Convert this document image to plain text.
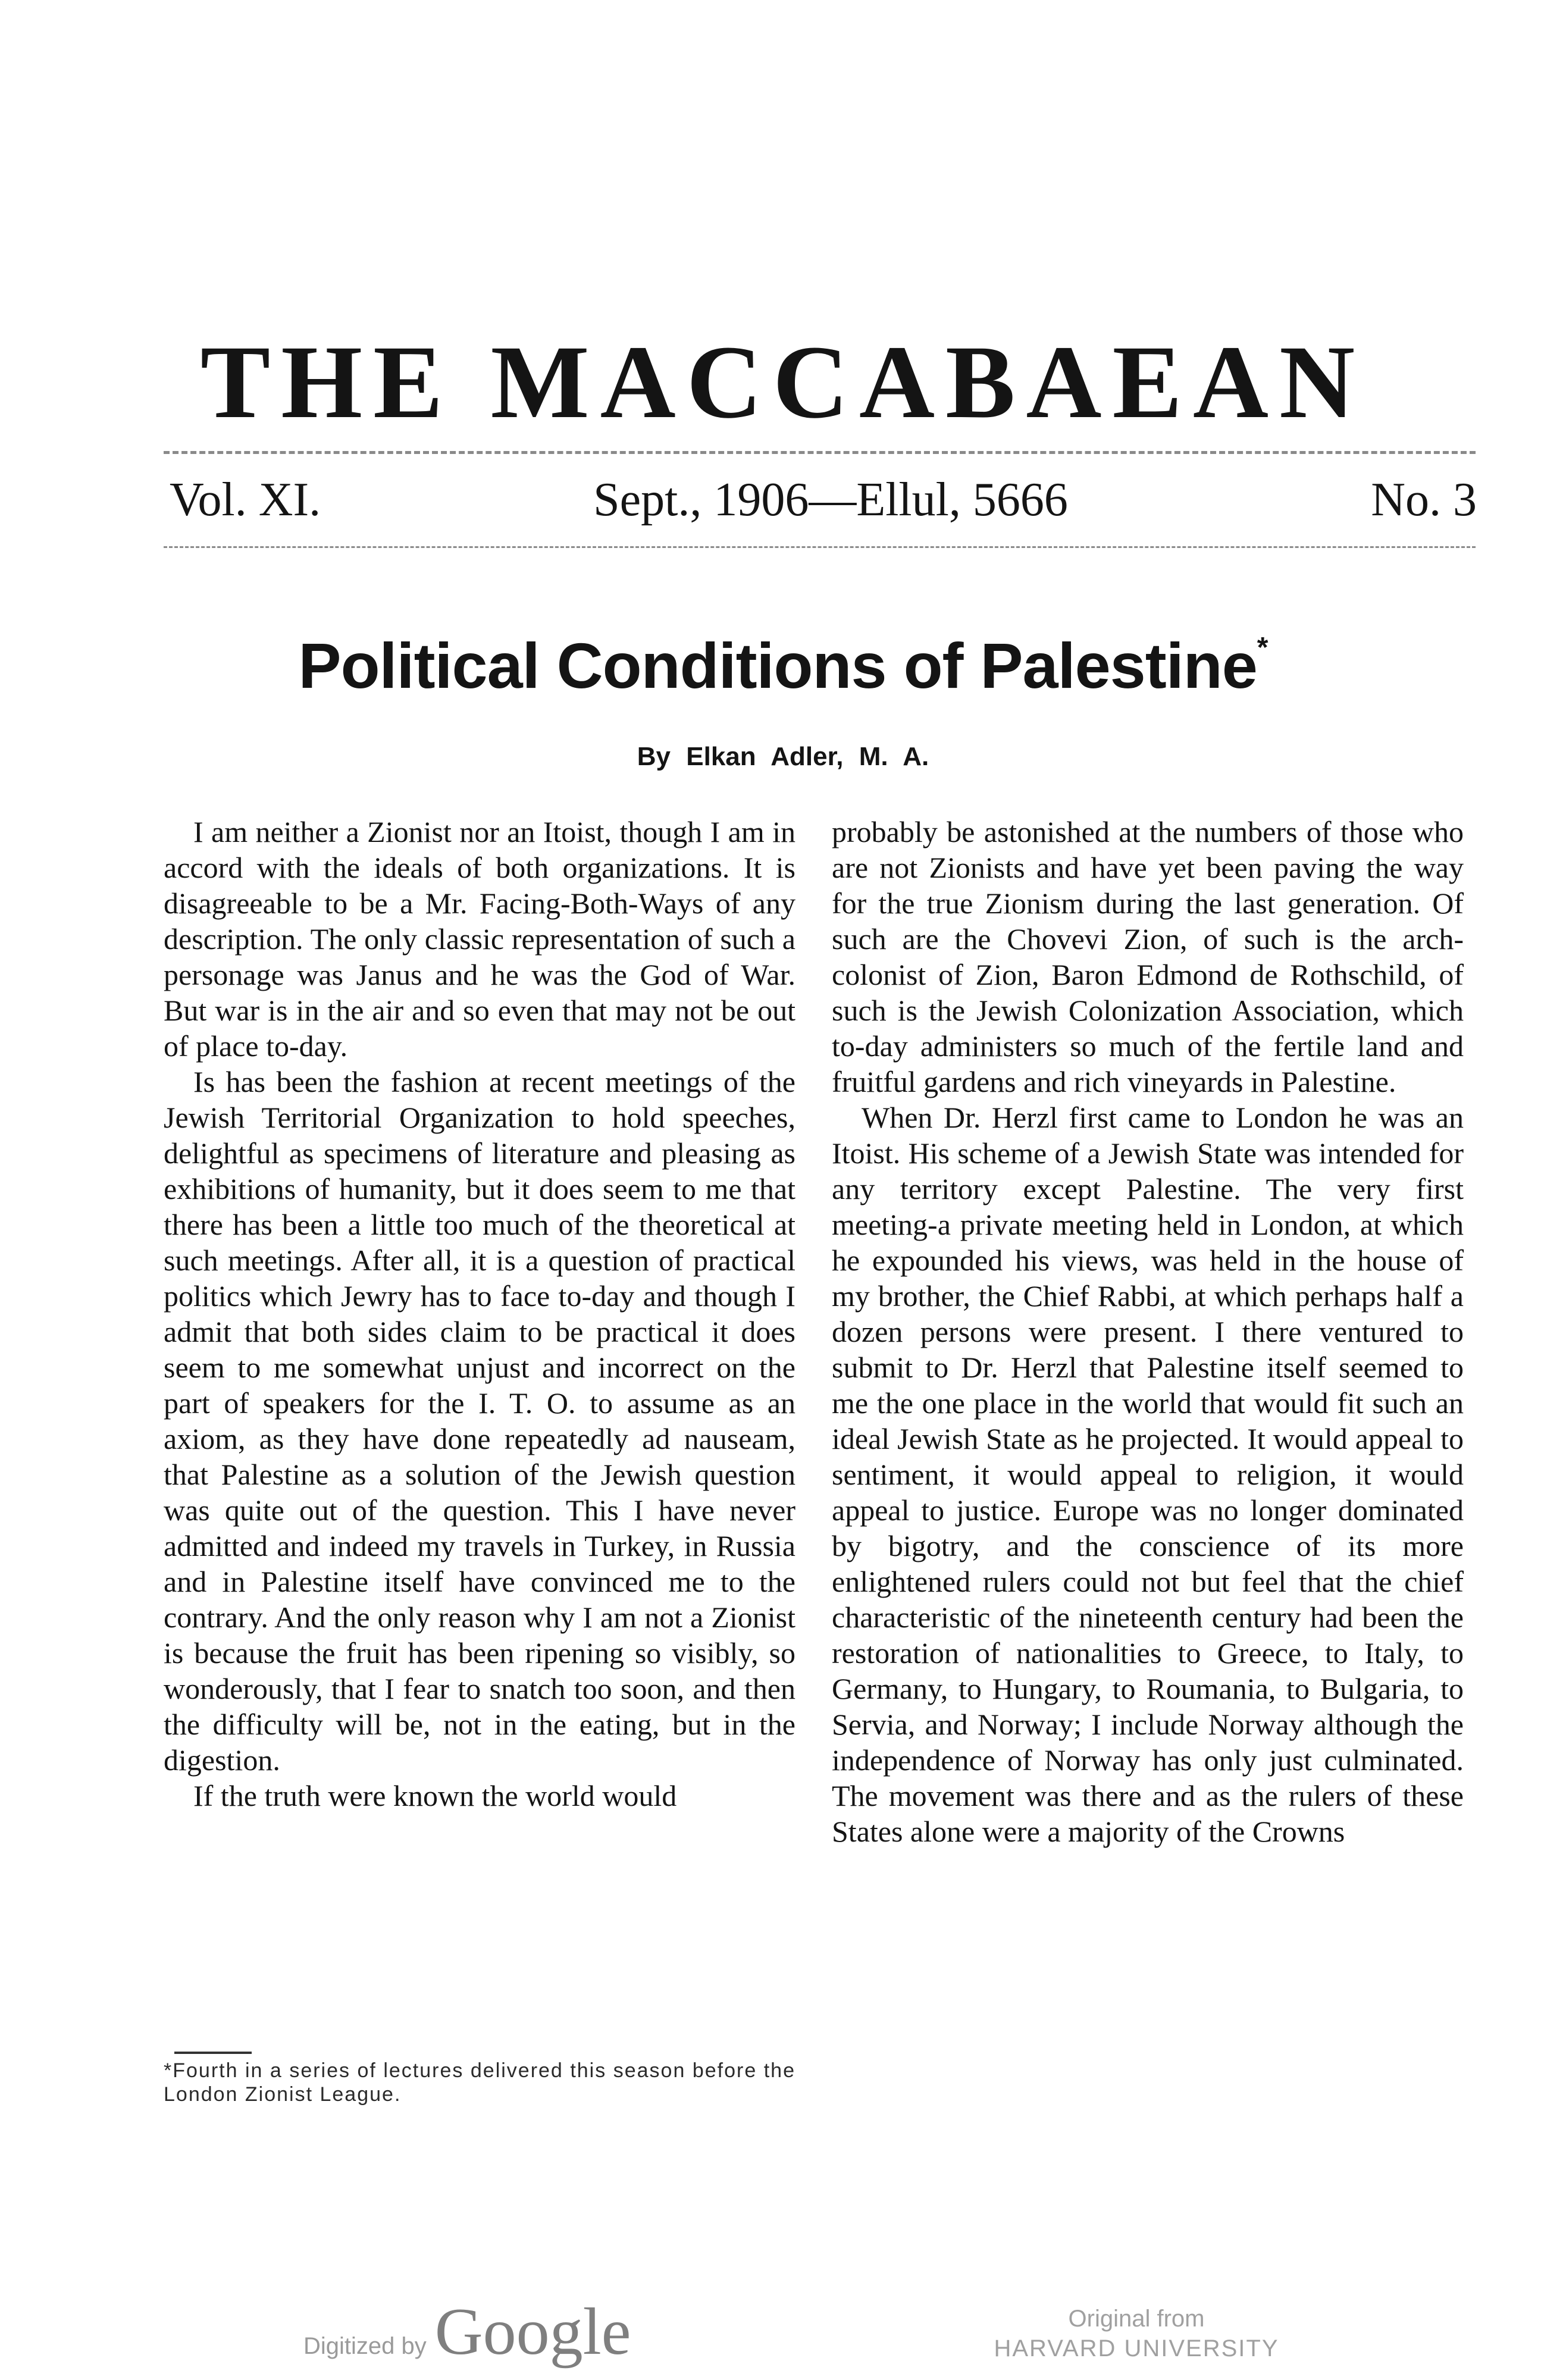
THE MACCABAEAN
Vol. XI.	Sept., 1906—Ellul, 5666	No. 3
Political Conditions of Palestine*
By Elkan Adler, M. A.

I am neither a Zionist nor an Itoist, though I am in accord with the ideals of both organizations. It is disagreeable to be a Mr. Facing-Both-Ways of any description. The only classic representation of such a personage was Janus and he was the God of War. But war is in the air and so even that may not be out of place to-day.

Is has been the fashion at recent meetings of the Jewish Territorial Organization to hold speeches, delightful as specimens of literature and pleasing as exhibitions of humanity, but it does seem to me that there has been a little too much of the theoretical at such meetings. After all, it is a question of practical politics which Jewry has to face to-day and though I admit that both sides claim to be practical it does seem to me somewhat unjust and incorrect on the part of speakers for the I. T. O. to assume as an axiom, as they have done repeatedly ad nauseam, that Palestine as a solution of the Jewish question was quite out of the question. This I have never admitted and indeed my travels in Turkey, in Russia and in Palestine itself have convinced me to the contrary. And the only reason why I am not a Zionist is because the fruit has been ripening so visibly, so wonderously, that I fear to snatch too soon, and then the difficulty will be, not in the eating, but in the digestion.

If the truth were known the world would

probably be astonished at the numbers of those who are not Zionists and have yet been paving the way for the true Zionism during the last generation. Of such are the Chovevi Zion, of such is the arch-colonist of Zion, Baron Edmond de Rothschild, of such is the Jewish Colonization Association, which to-day administers so much of the fertile land and fruitful gardens and rich vineyards in Palestine.

When Dr. Herzl first came to London he was an Itoist. His scheme of a Jewish State was intended for any territory except Palestine. The very first meeting-a private meeting held in London, at which he expounded his views, was held in the house of my brother, the Chief Rabbi, at which perhaps half a dozen persons were present. I there ventured to submit to Dr. Herzl that Palestine itself seemed to me the one place in the world that would fit such an ideal Jewish State as he projected. It would appeal to sentiment, it would appeal to religion, it would appeal to justice. Europe was no longer dominated by bigotry, and the conscience of its more enlightened rulers could not but feel that the chief characteristic of the nineteenth century had been the restoration of nationalities to Greece, to Italy, to Germany, to Hungary, to Roumania, to Bulgaria, to Servia, and Norway; I include Norway although the independence of Norway has only just culminated. The movement was there and as the rulers of these States alone were a majority of the Crowns

*Fourth in a series of lectures delivered this season before the London Zionist League.
Digitized by Google	Original from
HARVARD UNIVERSITY
